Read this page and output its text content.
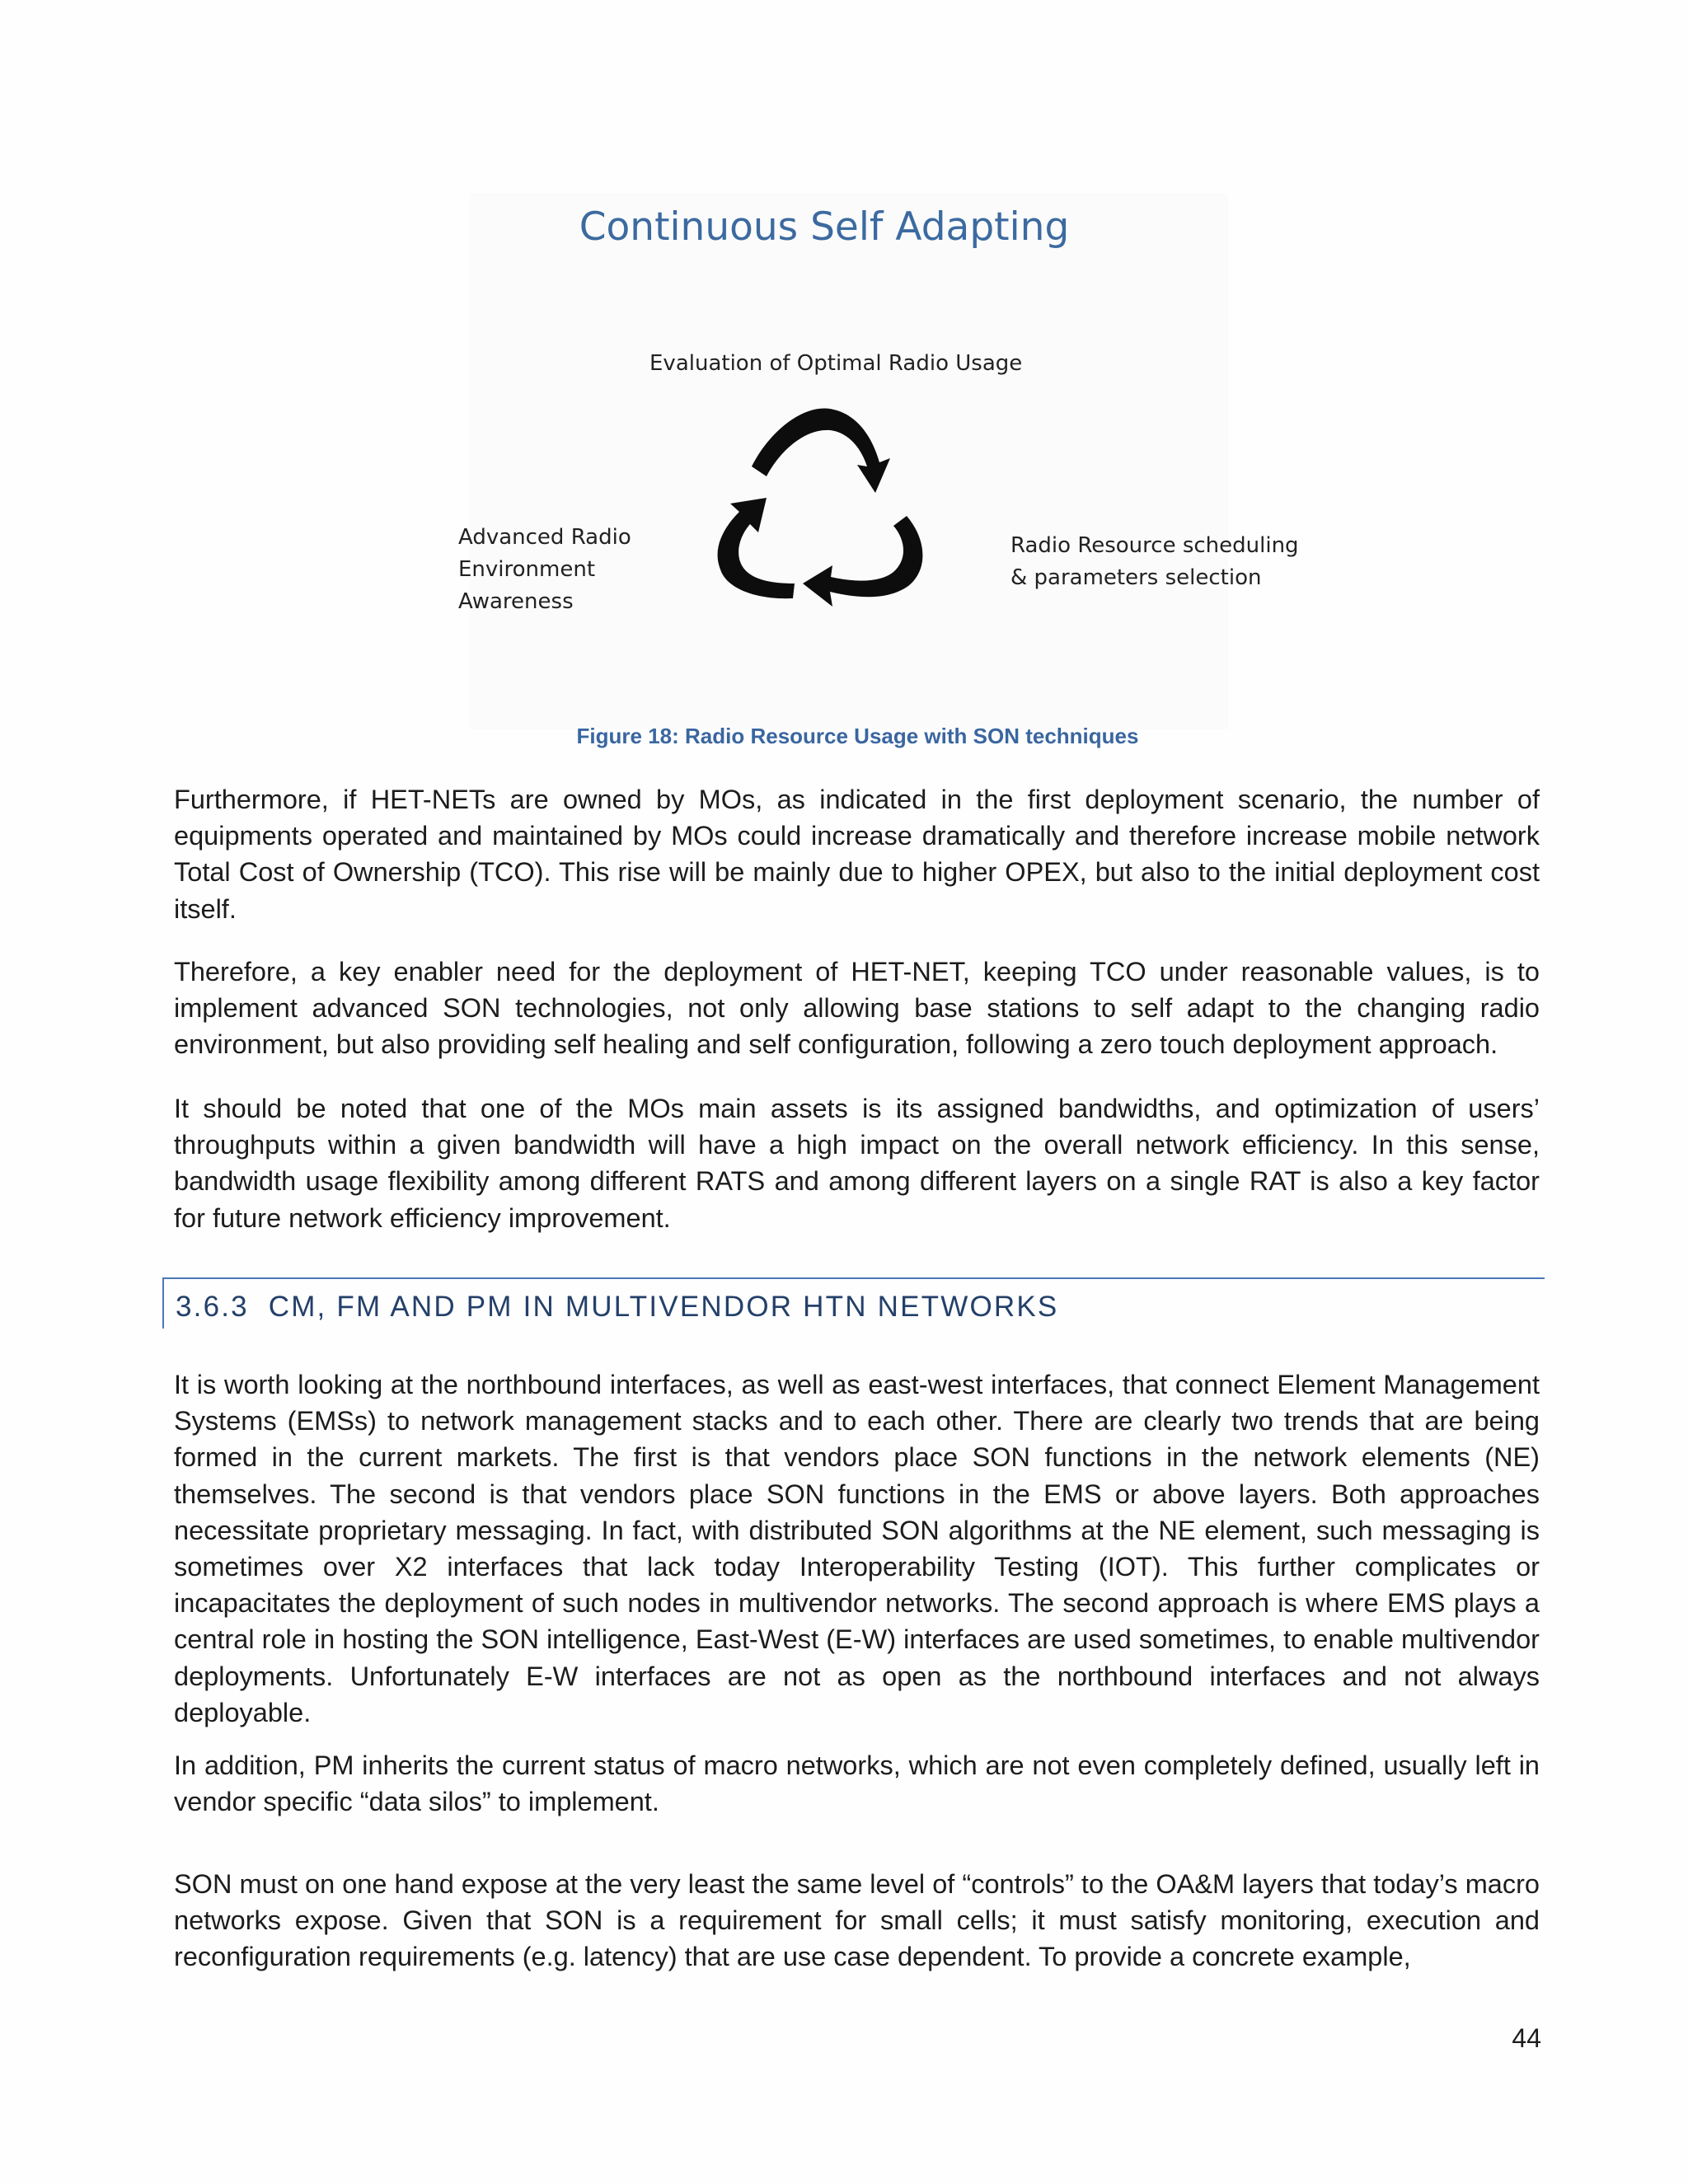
Continuous Self Adapting
Evaluation of Optimal Radio Usage
Advanced Radio
Environment
Awareness
Radio Resource scheduling
& parameters selection
Figure 18: Radio Resource Usage with SON techniques

Furthermore, if HET-NETs are owned by MOs, as indicated in the first deployment scenario, the number of equipments operated and maintained by MOs could increase dramatically and therefore increase mobile network Total Cost of Ownership (TCO). This rise will be mainly due to higher OPEX, but also to the initial deployment cost itself.

Therefore, a key enabler need for the deployment of HET-NET, keeping TCO under reasonable values, is to implement advanced SON technologies, not only allowing base stations to self adapt to the changing radio environment, but also providing self healing and self configuration, following a zero touch deployment approach.

It should be noted that one of the MOs main assets is its assigned bandwidths, and optimization of users’ throughputs within a given bandwidth will have a high impact on the overall network efficiency. In this sense, bandwidth usage flexibility among different RATS and among different layers on a single RAT is also a key factor for future network efficiency improvement.

3.6.3 CM, FM AND PM IN MULTIVENDOR HTN NETWORKS

It is worth looking at the northbound interfaces, as well as east-west interfaces, that connect Element Management Systems (EMSs) to network management stacks and to each other. There are clearly two trends that are being formed in the current markets. The first is that vendors place SON functions in the network elements (NE) themselves. The second is that vendors place SON functions in the EMS or above layers. Both approaches necessitate proprietary messaging. In fact, with distributed SON algorithms at the NE element, such messaging is sometimes over X2 interfaces that lack today Interoperability Testing (IOT). This further complicates or incapacitates the deployment of such nodes in multivendor networks. The second approach is where EMS plays a central role in hosting the SON intelligence, East-West (E-W) interfaces are used sometimes, to enable multivendor deployments. Unfortunately E-W interfaces are not as open as the northbound interfaces and not always deployable.

In addition, PM inherits the current status of macro networks, which are not even completely defined, usually left in vendor specific “data silos” to implement.

SON must on one hand expose at the very least the same level of “controls” to the OA&M layers that today’s macro networks expose. Given that SON is a requirement for small cells; it must satisfy monitoring, execution and reconfiguration requirements (e.g. latency) that are use case dependent. To provide a concrete example,

44
